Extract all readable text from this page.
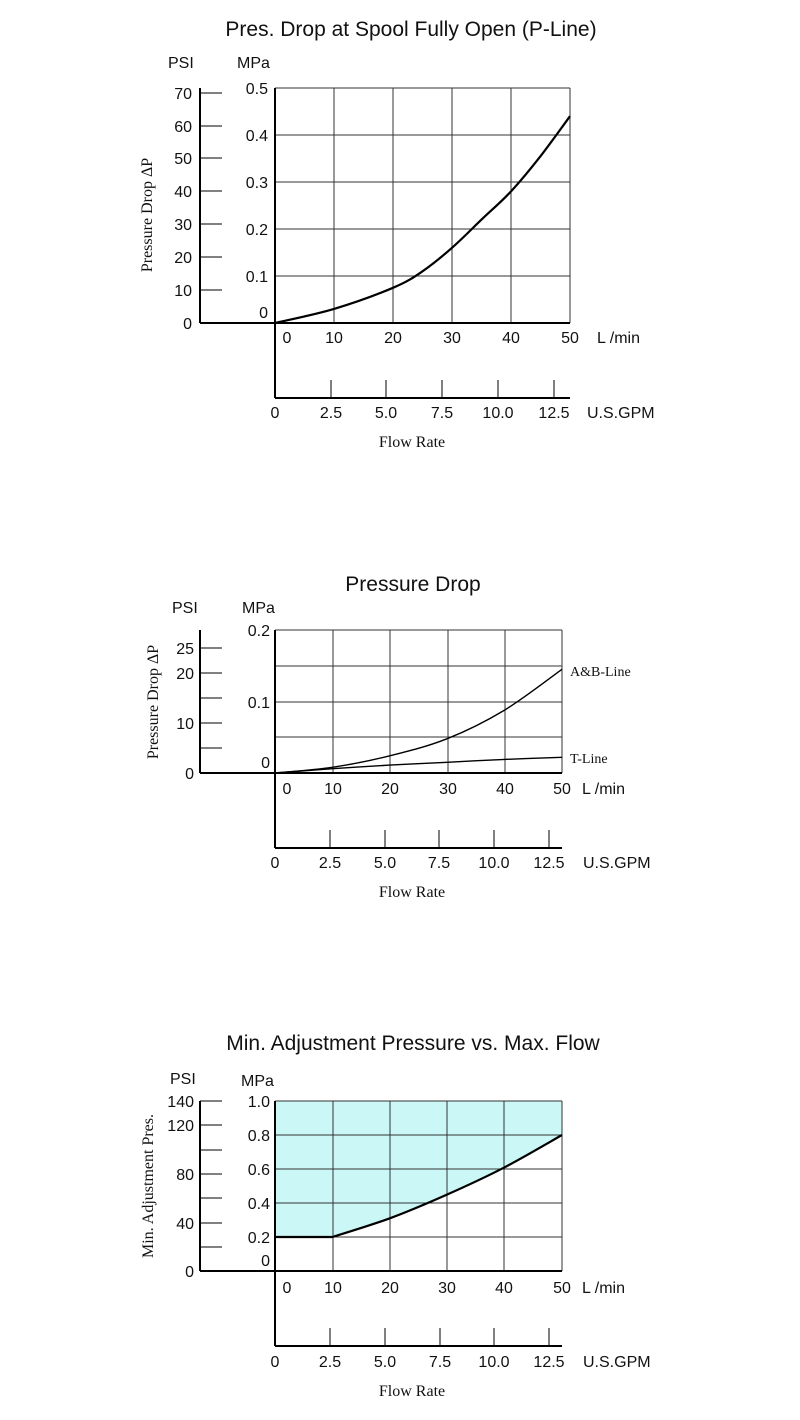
Pres. Drop at Spool Fully Open (P-Line)
PSI	MPa
Pressure Drop ΔP
0
10
20
30
40
50
60
70
0
0.1
0.2
0.3
0.4
0.5
0 10	20	30	40	50 L /min
0	2.5 5.0 7.5 10.0 12.5 U.S.GPM
Flow Rate
Pressure Drop
PSI	MPa
Pressure Drop ΔP
0
10
20
25
0
0.1
0.2
0 10 20	30 40 50 L /min
0 2.5 5.0 7.5 10.0 12.5 U.S.GPM
Flow Rate
A&B-Line
T-Line
Min. Adjustment Pressure vs. Max. Flow
PSI	MPa
Min. Adjustment Pres.
0
40
80
120
140
0
0.2
0.4
0.6
0.8
1.0
0 10 20 30 40	50 L /min
0 2.5 5.0 7.5 10.0 12.5 U.S.GPM
Flow Rate
